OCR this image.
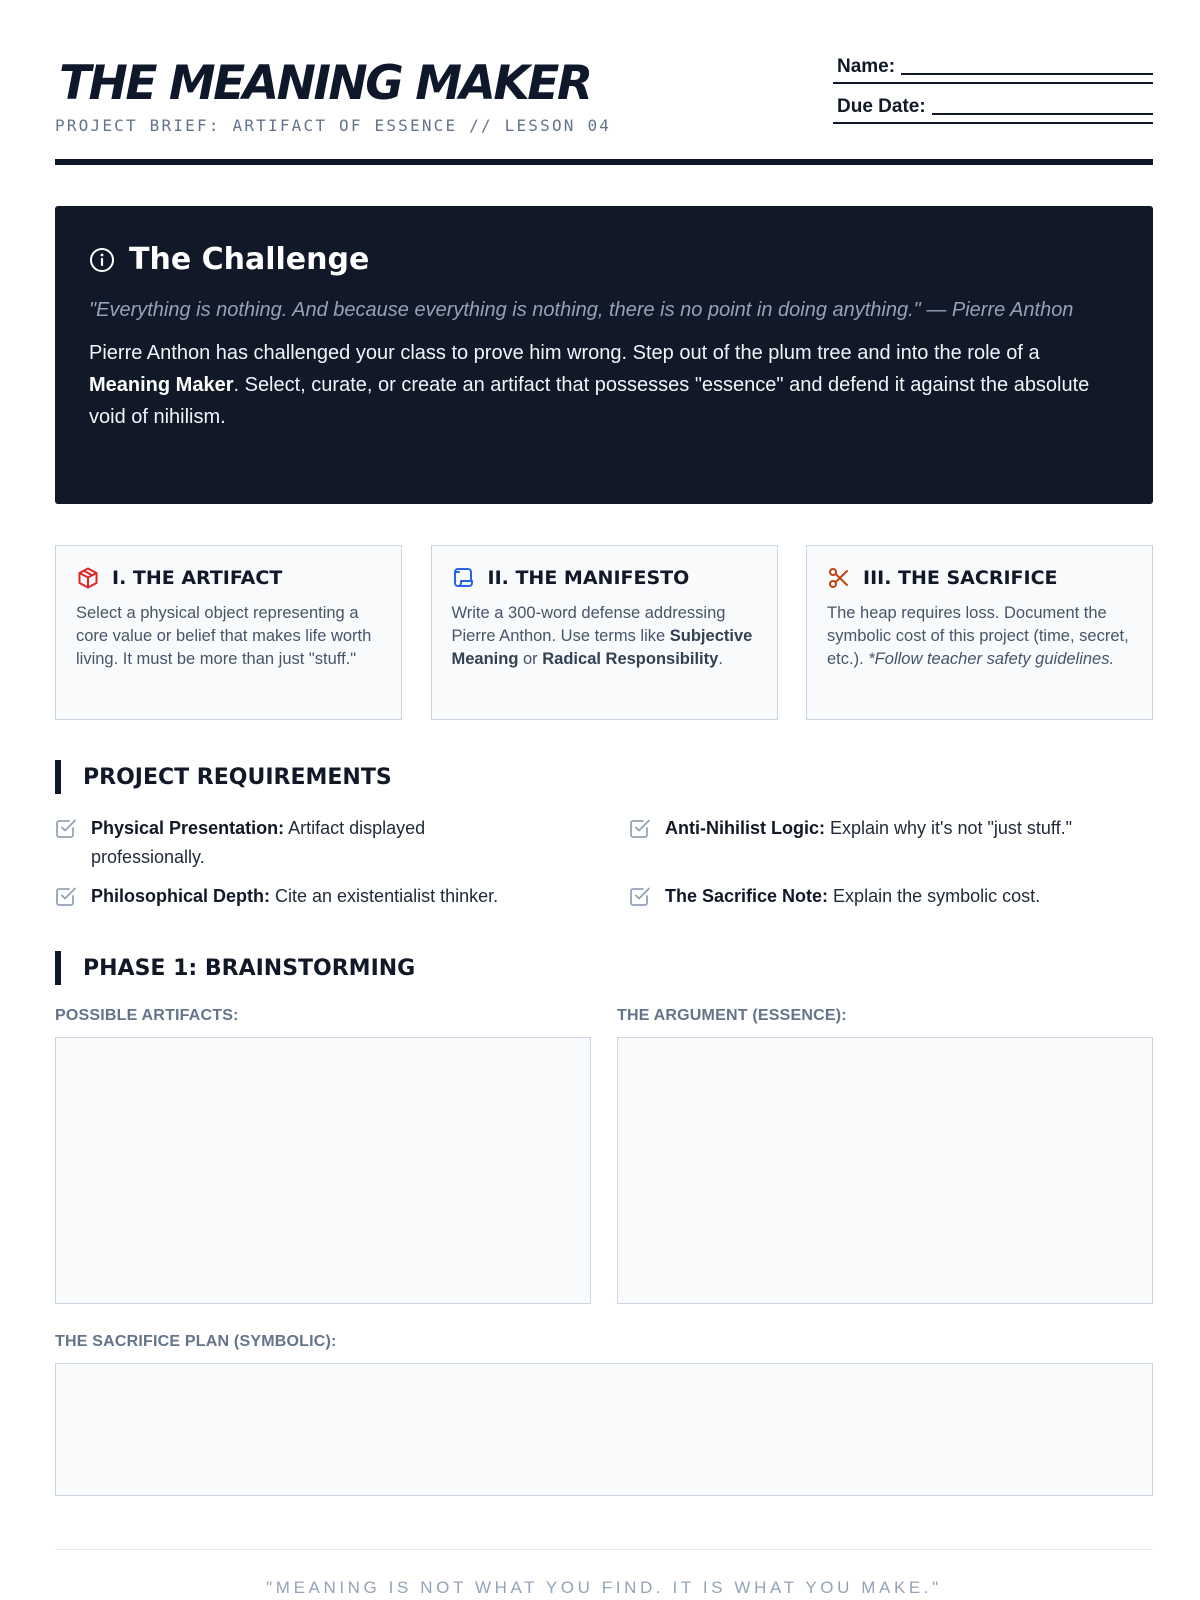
THE MEANING MAKER
PROJECT BRIEF: ARTIFACT OF ESSENCE // LESSON 04
Name:
Due Date:
The Challenge
"Everything is nothing. And because everything is nothing, there is no point in doing anything." — Pierre Anthon
Pierre Anthon has challenged your class to prove him wrong. Step out of the plum tree and into the role of a Meaning Maker. Select, curate, or create an artifact that possesses "essence" and defend it against the absolute void of nihilism.
I. THE ARTIFACT
Select a physical object representing a core value or belief that makes life worth living. It must be more than just "stuff."
II. THE MANIFESTO
Write a 300-word defense addressing Pierre Anthon. Use terms like Subjective Meaning or Radical Responsibility.
III. THE SACRIFICE
The heap requires loss. Document the symbolic cost of this project (time, secret, etc.). *Follow teacher safety guidelines.
PROJECT REQUIREMENTS
Physical Presentation: Artifact displayed professionally.
Anti-Nihilist Logic: Explain why it's not "just stuff."
Philosophical Depth: Cite an existentialist thinker.	The Sacrifice Note: Explain the symbolic cost.
PHASE 1: BRAINSTORMING
POSSIBLE ARTIFACTS:	THE ARGUMENT (ESSENCE):
THE SACRIFICE PLAN (SYMBOLIC):
"MEANING IS NOT WHAT YOU FIND. IT IS WHAT YOU MAKE."
